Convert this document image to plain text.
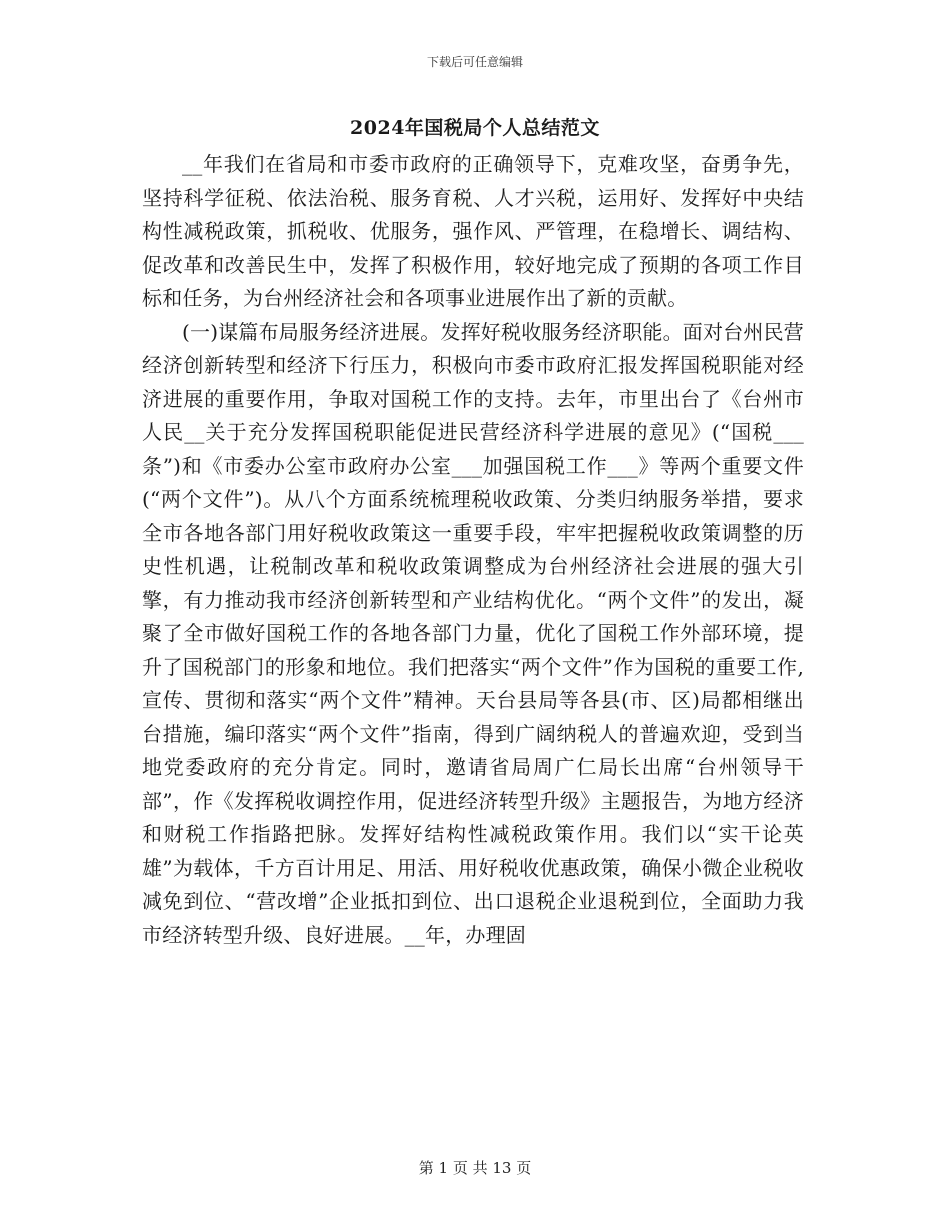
下载后可任意编辑
2024年国税局个人总结范文

__年我们在省局和市委市政府的正确领导下，克难攻坚，奋勇争先，坚持科学征税、依法治税、服务育税、人才兴税，运用好、发挥好中央结构性减税政策，抓税收、优服务，强作风、严管理，在稳增长、调结构、促改革和改善民生中，发挥了积极作用，较好地完成了预期的各项工作目标和任务，为台州经济社会和各项事业进展作出了新的贡献。

(一)谋篇布局服务经济进展。发挥好税收服务经济职能。面对台州民营经济创新转型和经济下行压力，积极向市委市政府汇报发挥国税职能对经济进展的重要作用，争取对国税工作的支持。去年，市里出台了《台州市人民__关于充分发挥国税职能促进民营经济科学进展的意见》(“国税___条”)和《市委办公室市政府办公室___加强国税工作___》等两个重要文件(“两个文件”)。从八个方面系统梳理税收政策、分类归纳服务举措，要求全市各地各部门用好税收政策这一重要手段，牢牢把握税收政策调整的历史性机遇，让税制改革和税收政策调整成为台州经济社会进展的强大引擎，有力推动我市经济创新转型和产业结构优化。“两个文件”的发出，凝聚了全市做好国税工作的各地各部门力量，优化了国税工作外部环境，提升了国税部门的形象和地位。我们把落实“两个文件”作为国税的重要工作,宣传、贯彻和落实“两个文件”精神。天台县局等各县(市、区)局都相继出台措施，编印落实“两个文件”指南，得到广阔纳税人的普遍欢迎，受到当地党委政府的充分肯定。同时，邀请省局周广仁局长出席“台州领导干部”，作《发挥税收调控作用，促进经济转型升级》主题报告，为地方经济和财税工作指路把脉。发挥好结构性减税政策作用。我们以“实干论英雄”为载体，千方百计用足、用活、用好税收优惠政策，确保小微企业税收减免到位、“营改增”企业抵扣到位、出口退税企业退税到位，全面助力我市经济转型升级、良好进展。__年，办理固

第 1 页 共 13 页
